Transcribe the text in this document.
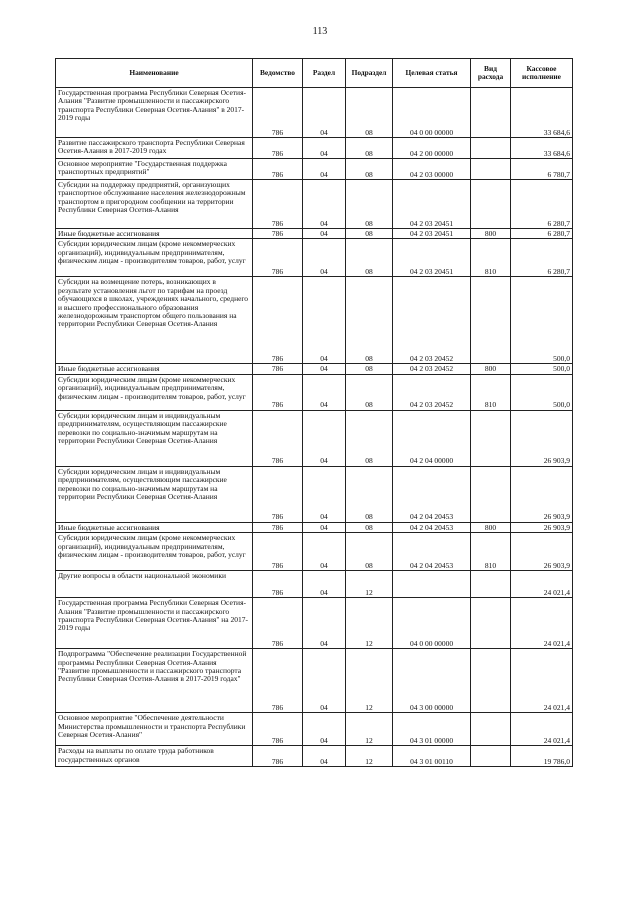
113
Наименование	Ведомство	Раздел	Подраздел	Целевая статья	Вид расхода	Кассовое исполнение
Государственная программа Республики Северная Осетия-Алания "Развитие промышленности и пассажирского транспорта Республики Северная Осетия-Алания" в 2017-2019 годы	786	04	08	04 0 00 00000		33 684,6
Развитие пассажирского транспорта Республики Северная Осетия-Алания в 2017-2019 годах	786	04	08	04 2 00 00000		33 684,6
Основное мероприятие "Государственная поддержка транспортных предприятий"	786	04	08	04 2 03 00000		6 780,7
Субсидии на поддержку предприятий, организующих транспортное обслуживание населения железнодорожным транспортом в пригородном сообщении на территории Республики Северная Осетия-Алания	786	04	08	04 2 03 20451		6 280,7
Иные бюджетные ассигнования	786	04	08	04 2 03 20451	800	6 280,7
Субсидии юридическим лицам (кроме некоммерческих организаций), индивидуальным предпринимателям, физическим лицам - производителям товаров, работ, услуг	786	04	08	04 2 03 20451	810	6 280,7
Субсидии на возмещение потерь, возникающих в результате установления льгот по тарифам на проезд обучающихся в школах, учреждениях начального, среднего и высшего профессионального образования железнодорожным транспортом общего пользования на территории Республики Северная Осетия-Алания	786	04	08	04 2 03 20452		500,0
Иные бюджетные ассигнования	786	04	08	04 2 03 20452	800	500,0
Субсидии юридическим лицам (кроме некоммерческих организаций), индивидуальным предпринимателям, физическим лицам - производителям товаров, работ, услуг	786	04	08	04 2 03 20452	810	500,0
Субсидии юридическим лицам и индивидуальным предпринимателям, осуществляющим пассажирские перевозки по социально-значимым маршрутам на территории Республики Северная Осетия-Алания	786	04	08	04 2 04 00000		26 903,9
Субсидии юридическим лицам и индивидуальным предпринимателям, осуществляющим пассажирские перевозки по социально-значимым маршрутам на территории Республики Северная Осетия-Алания	786	04	08	04 2 04 20453		26 903,9
Иные бюджетные ассигнования	786	04	08	04 2 04 20453	800	26 903,9
Субсидии юридическим лицам (кроме некоммерческих организаций), индивидуальным предпринимателям, физическим лицам - производителям товаров, работ, услуг	786	04	08	04 2 04 20453	810	26 903,9
Другие вопросы в области национальной экономики	786	04	12			24 021,4
Государственная программа Республики Северная Осетия-Алания "Развитие промышленности и пассажирского транспорта Республики Северная Осетия-Алания" на 2017-2019 годы	786	04	12	04 0 00 00000		24 021,4
Подпрограмма "Обеспечение реализации Государственной программы Республики Северная Осетия-Алания "Развитие промышленности и пассажирского транспорта Республики Северная Осетия-Алания в 2017-2019 годах"	786	04	12	04 3 00 00000		24 021,4
Основное мероприятие "Обеспечение деятельности Министерства промышленности и транспорта Республики Северная Осетия-Алания"	786	04	12	04 3 01 00000		24 021,4
Расходы на выплаты по оплате труда работников государственных органов	786	04	12	04 3 01 00110		19 786,0
